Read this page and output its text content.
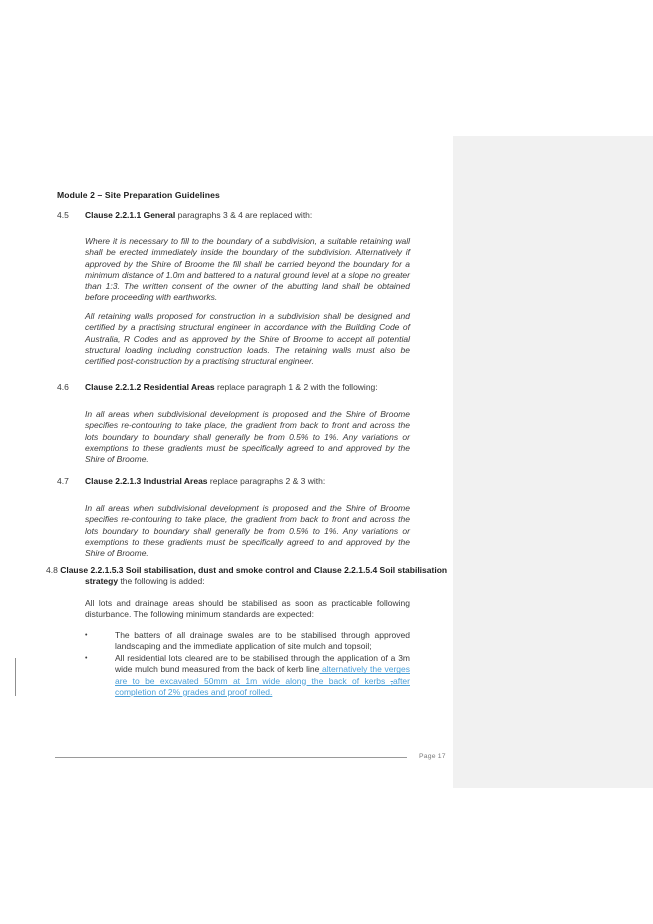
Module 2 – Site Preparation Guidelines
4.5 Clause 2.2.1.1 General paragraphs 3 & 4 are replaced with:
Where it is necessary to fill to the boundary of a subdivision, a suitable retaining wall shall be erected immediately inside the boundary of the subdivision. Alternatively if approved by the Shire of Broome the fill shall be carried beyond the boundary for a minimum distance of 1.0m and battered to a natural ground level at a slope no greater than 1:3. The written consent of the owner of the abutting land shall be obtained before proceeding with earthworks.
All retaining walls proposed for construction in a subdivision shall be designed and certified by a practising structural engineer in accordance with the Building Code of Australia, R Codes and as approved by the Shire of Broome to accept all potential structural loading including construction loads. The retaining walls must also be certified post-construction by a practising structural engineer.
4.6 Clause 2.2.1.2 Residential Areas replace paragraph 1 & 2 with the following:
In all areas when subdivisional development is proposed and the Shire of Broome specifies re-contouring to take place, the gradient from back to front and across the lots boundary to boundary shall generally be from 0.5% to 1%. Any variations or exemptions to these gradients must be specifically agreed to and approved by the Shire of Broome.
4.7 Clause 2.2.1.3 Industrial Areas replace paragraphs 2 & 3 with:
In all areas when subdivisional development is proposed and the Shire of Broome specifies re-contouring to take place, the gradient from back to front and across the lots boundary to boundary shall generally be from 0.5% to 1%. Any variations or exemptions to these gradients must be specifically agreed to and approved by the Shire of Broome.
4.8 Clause 2.2.1.5.3 Soil stabilisation, dust and smoke control and Clause 2.2.1.5.4 Soil stabilisation strategy the following is added:
All lots and drainage areas should be stabilised as soon as practicable following disturbance. The following minimum standards are expected:
•	The batters of all drainage swales are to be stabilised through approved landscaping and the immediate application of site mulch and topsoil;
•	All residential lots cleared are to be stabilised through the application of a 3m wide mulch bund measured from the back of kerb line alternatively the verges are to be excavated 50mm at 1m wide along the back of kerbs ,after completion of 2% grades and proof rolled.
Page 17
